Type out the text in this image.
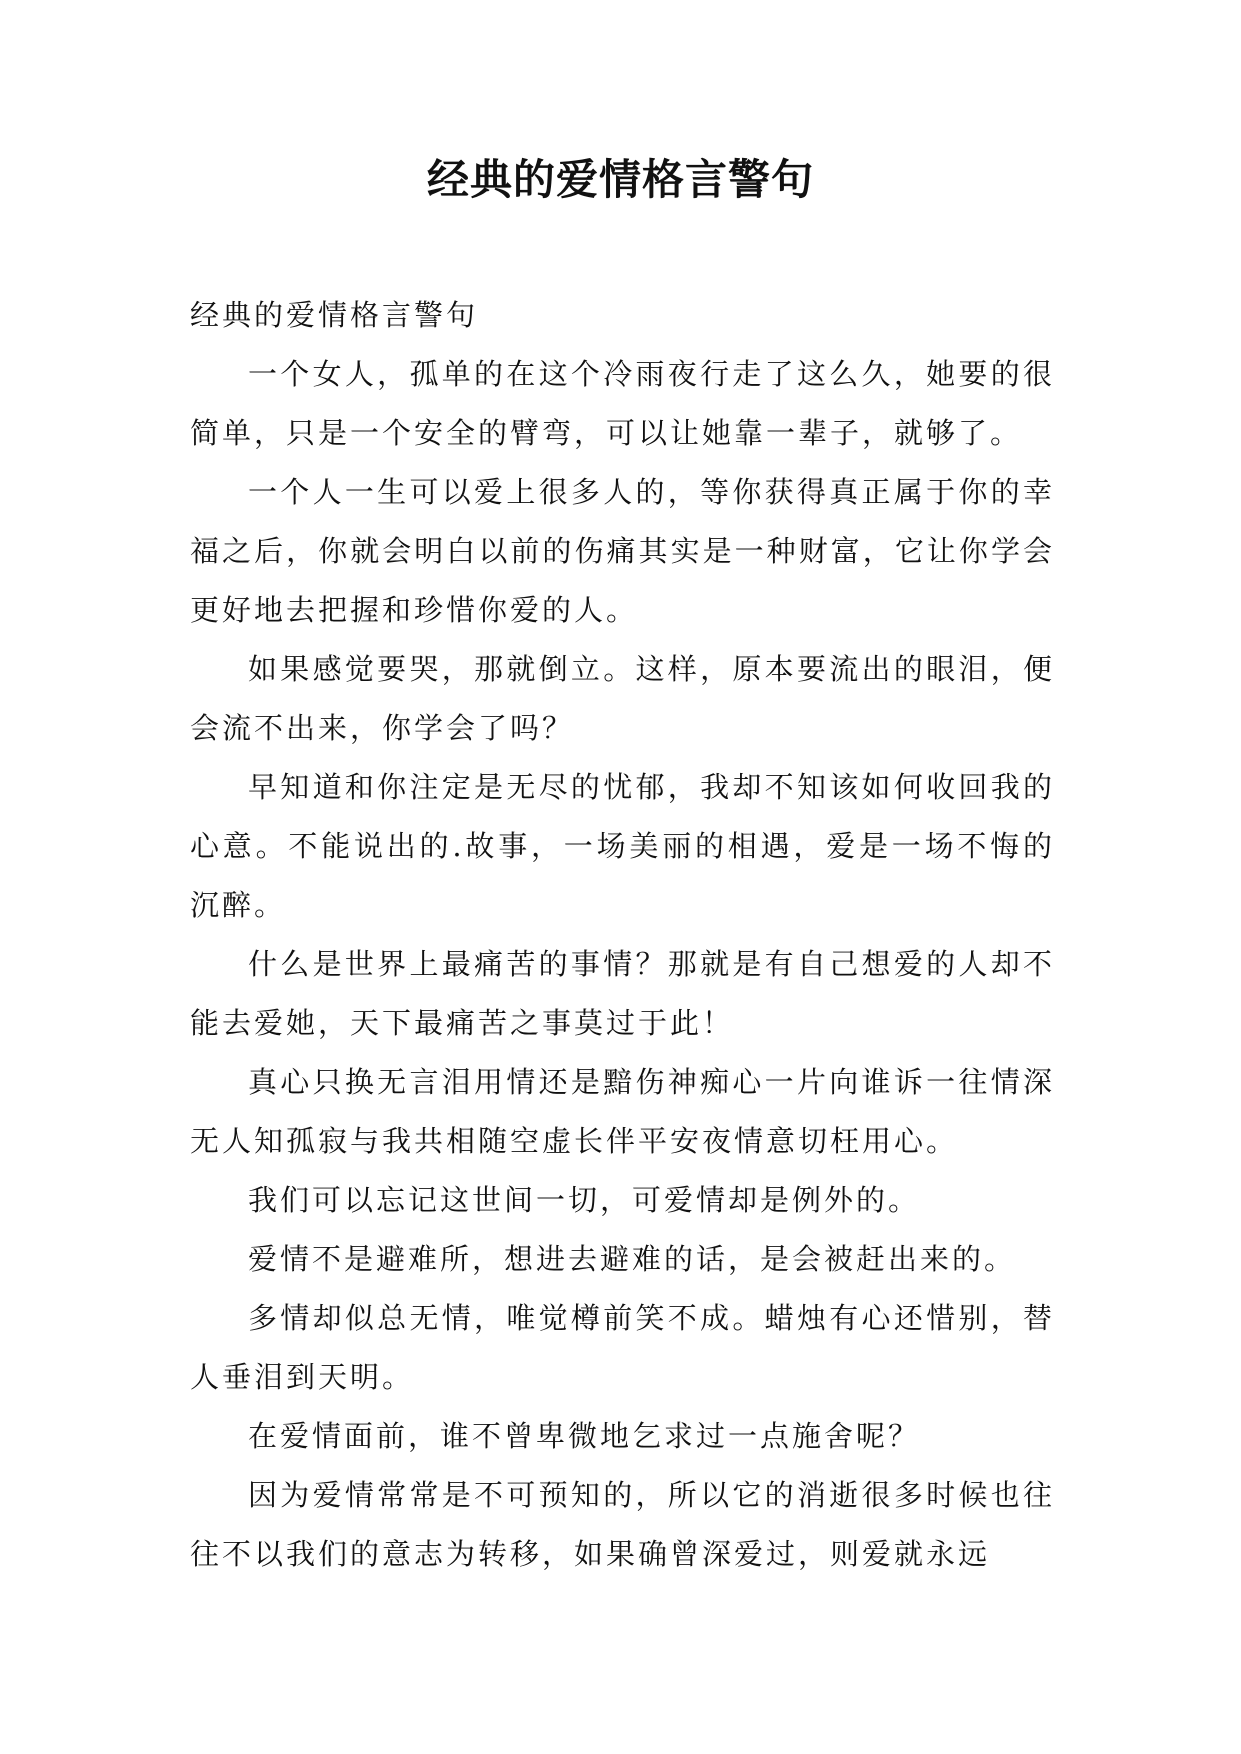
经典的爱情格言警句

经典的爱情格言警句

一个女人，孤单的在这个冷雨夜行走了这么久，她要的很简单，只是一个安全的臂弯，可以让她靠一辈子，就够了。

一个人一生可以爱上很多人的，等你获得真正属于你的幸福之后，你就会明白以前的伤痛其实是一种财富，它让你学会更好地去把握和珍惜你爱的人。

如果感觉要哭，那就倒立。这样，原本要流出的眼泪，便会流不出来，你学会了吗？

早知道和你注定是无尽的忧郁，我却不知该如何收回我的心意。不能说出的.故事，一场美丽的相遇，爱是一场不悔的沉醉。

什么是世界上最痛苦的事情？那就是有自己想爱的人却不能去爱她，天下最痛苦之事莫过于此！

真心只换无言泪用情还是黯伤神痴心一片向谁诉一往情深无人知孤寂与我共相随空虚长伴平安夜情意切枉用心。

我们可以忘记这世间一切，可爱情却是例外的。

爱情不是避难所，想进去避难的话，是会被赶出来的。

多情却似总无情，唯觉樽前笑不成。蜡烛有心还惜别，替人垂泪到天明。

在爱情面前，谁不曾卑微地乞求过一点施舍呢？

因为爱情常常是不可预知的，所以它的消逝很多时候也往往不以我们的意志为转移，如果确曾深爱过，则爱就永远
